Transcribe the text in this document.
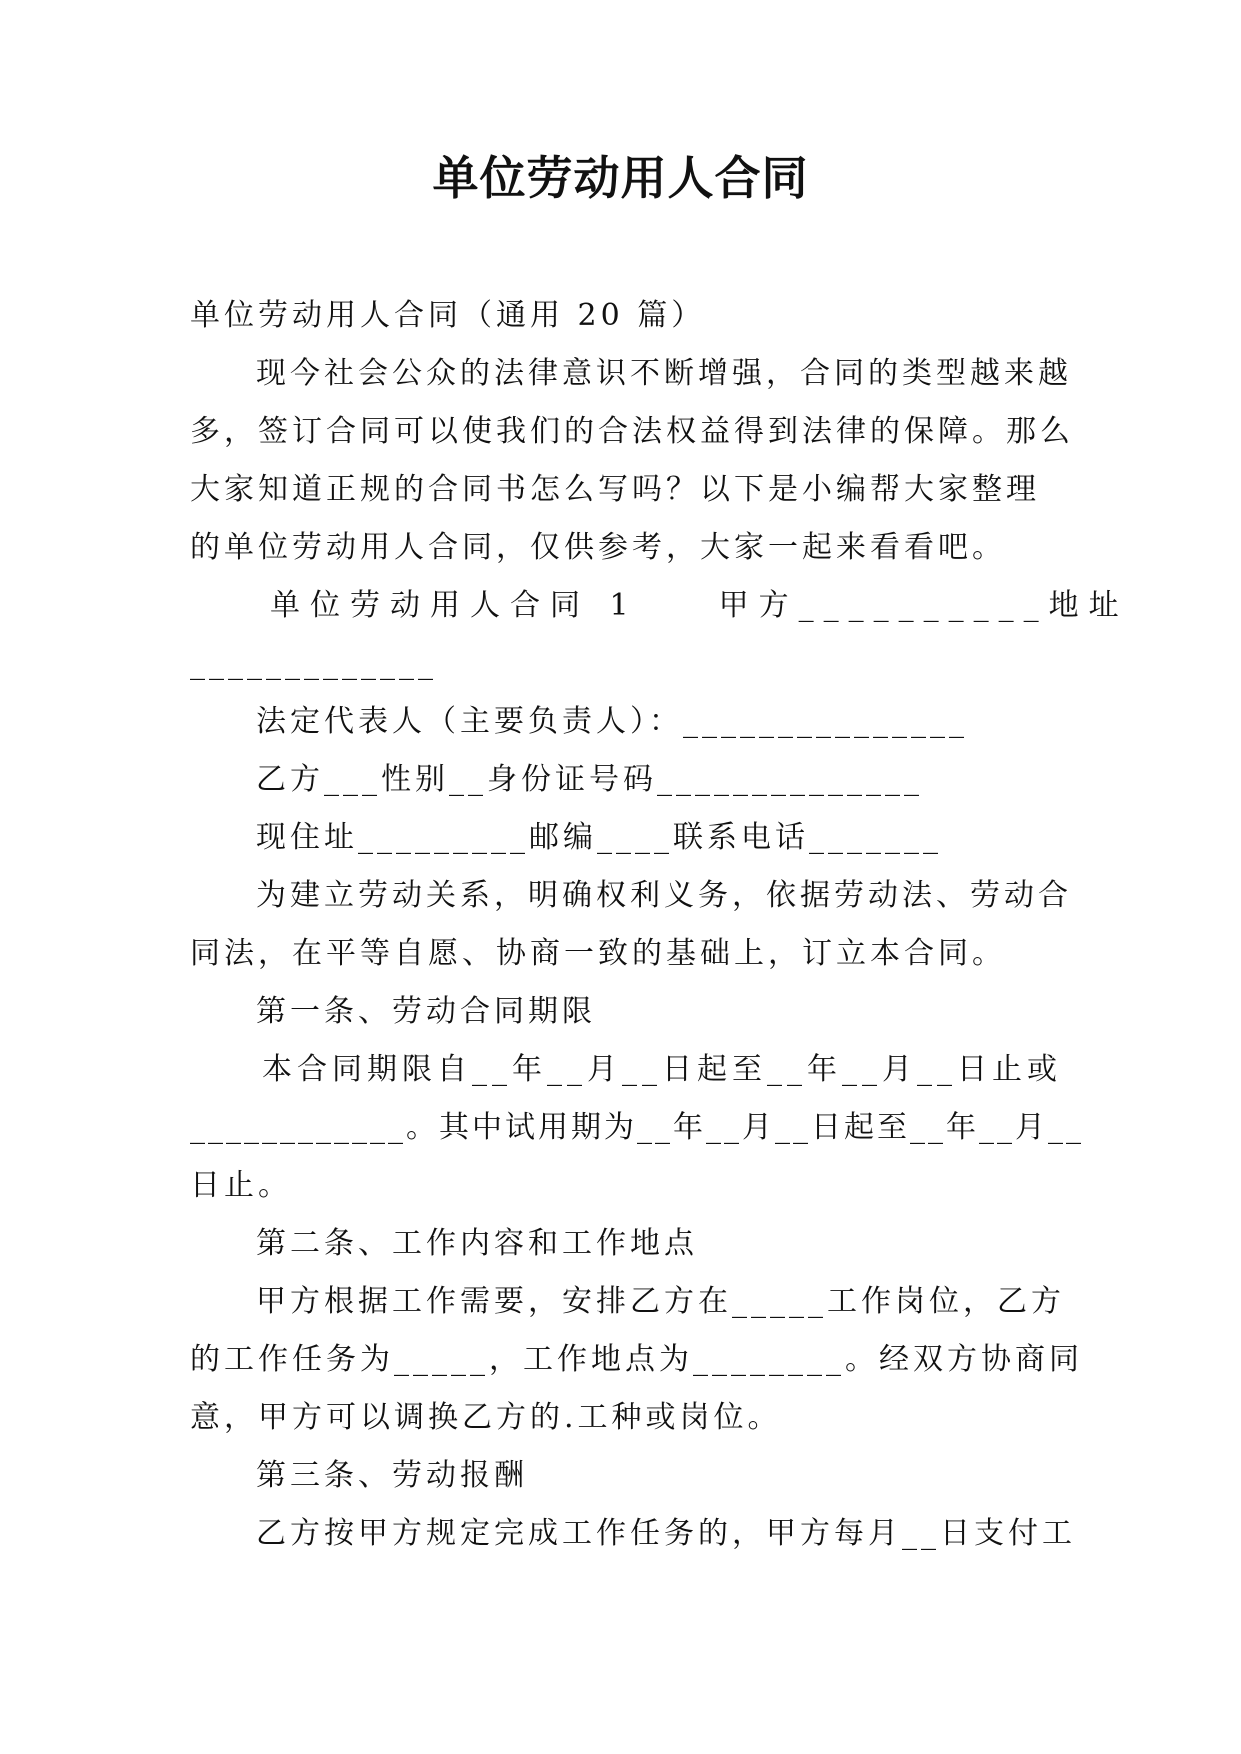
单位劳动用人合同
单位劳动用人合同（通用 20 篇）
现今社会公众的法律意识不断增强，合同的类型越来越
多，签订合同可以使我们的合法权益得到法律的保障。那么
大家知道正规的合同书怎么写吗？以下是小编帮大家整理
的单位劳动用人合同，仅供参考，大家一起来看看吧。
单位劳动用人合同 1　　甲方__________地址
_____________
法定代表人（主要负责人）：_______________
乙方___性别__身份证号码______________
现住址_________邮编____联系电话_______
为建立劳动关系，明确权利义务，依据劳动法、劳动合
同法，在平等自愿、协商一致的基础上，订立本合同。
第一条、劳动合同期限
本合同期限自__年__月__日起至__年__月__日止或
____________。其中试用期为__年__月__日起至__年__月__
日止。
第二条、工作内容和工作地点
甲方根据工作需要，安排乙方在_____工作岗位，乙方
的工作任务为_____，工作地点为________。经双方协商同
意，甲方可以调换乙方的.工种或岗位。
第三条、劳动报酬
乙方按甲方规定完成工作任务的，甲方每月__日支付工
